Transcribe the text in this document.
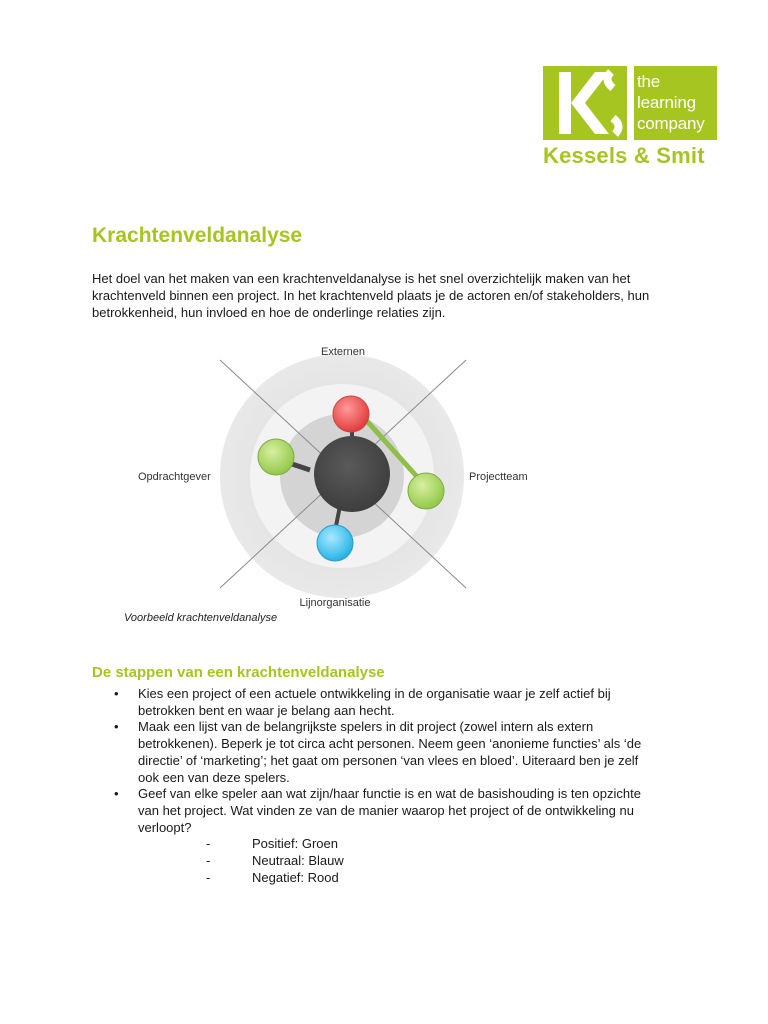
the
learning
company
Kessels & Smit
Krachtenveldanalyse

Het doel van het maken van een krachtenveldanalyse is het snel overzichtelijk maken van het krachtenveld binnen een project. In het krachtenveld plaats je de actoren en/of stakeholders, hun betrokkenheid, hun invloed en hoe de onderlinge relaties zijn.

Externen
Opdrachtgever	Projectteam
Lijnorganisatie
Voorbeeld krachtenveldanalyse
De stappen van een krachtenveldanalyse
• Kies een project of een actuele ontwikkeling in de organisatie waar je zelf actief bij betrokken bent en waar je belang aan hecht.
• Maak een lijst van de belangrijkste spelers in dit project (zowel intern als extern betrokkenen). Beperk je tot circa acht personen. Neem geen ‘anonieme functies’ als ‘de directie’ of ‘marketing’; het gaat om personen ‘van vlees en bloed’. Uiteraard ben je zelf ook een van deze spelers.
• Geef van elke speler aan wat zijn/haar functie is en wat de basishouding is ten opzichte van het project. Wat vinden ze van de manier waarop het project of de ontwikkeling nu verloopt?
-	Positief: Groen
-	Neutraal: Blauw
-	Negatief: Rood
